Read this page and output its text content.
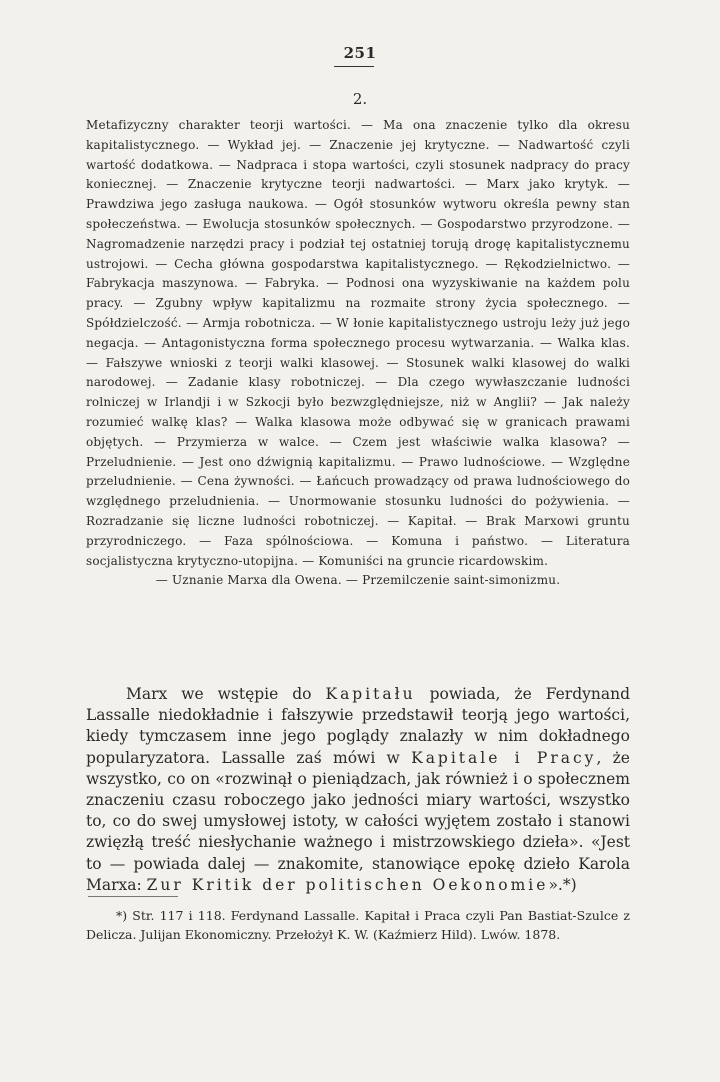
251
2.
Metafizyczny charakter teorji wartości. — Ma ona znaczenie tylko dla okresu kapitalistycznego. — Wykład jej. — Znaczenie jej krytyczne. — Nadwartość czyli wartość dodatkowa. — Nadpraca i stopa wartości, czyli stosunek nadpracy do pracy koniecznej. — Znaczenie krytyczne teorji nadwartości. — Marx jako krytyk. — Prawdziwa jego zasługa naukowa. — Ogół stosunków wytworu określa pewny stan społeczeństwa. — Ewolucja stosunków społecznych. — Gospodarstwo przyrodzone. — Nagromadzenie narzędzi pracy i podział tej ostatniej torują drogę kapitalistycznemu ustrojowi. — Cecha główna gospodarstwa kapitalistycznego. — Rękodzielnictwo. — Fabrykacja maszynowa. — Fabryka. — Podnosi ona wyzyskiwanie na każdem polu pracy. — Zgubny wpływ kapitalizmu na rozmaite strony życia społecznego. — Spółdzielczość. — Armja robotnicza. — W łonie kapitalistycznego ustroju leży już jego negacja. — Antagonistyczna forma społecznego procesu wytwarzania. — Walka klas. — Fałszywe wnioski z teorji walki klasowej. — Stosunek walki klasowej do walki narodowej. — Zadanie klasy robotniczej. — Dla czego wywłaszczanie ludności rolniczej w Irlandji i w Szkocji było bezwzględniejsze, niż w Anglii? — Jak należy rozumieć walkę klas? — Walka klasowa może odbywać się w granicach prawami objętych. — Przymierza w walce. — Czem jest właściwie walka klasowa? — Przeludnienie. — Jest ono dźwignią kapitalizmu. — Prawo ludnościowe. — Względne przeludnienie. — Cena żywności. — Łańcuch prowadzący od prawa ludnościowego do względnego przeludnienia. — Unormowanie stosunku ludności do pożywienia. — Rozradzanie się liczne ludności robotniczej. — Kapitał. — Brak Marxowi gruntu przyrodniczego. — Faza spólnościowa. — Komuna i państwo. — Literatura socjalistyczna krytyczno-utopijna. — Komuniści na gruncie ricardowskim.
— Uznanie Marxa dla Owena. — Przemilczenie saint-simonizmu.
Marx we wstępie do Kapitału powiada, że Ferdynand Lassalle niedokładnie i fałszywie przedstawił teorją jego wartości, kiedy tymczasem inne jego poglądy znalazły w nim dokładnego popularyzatora. Lassalle zaś mówi w Kapitale i Pracy, że wszystko, co on «rozwinął o pieniądzach, jak również i o społecznem znaczeniu czasu roboczego jako jedności miary wartości, wszystko to, co do swej umysłowej istoty, w całości wyjętem zostało i stanowi zwięzłą treść niesłychanie ważnego i mistrzowskiego dzieła». «Jest to — powiada dalej — znakomite, stanowiące epokę dzieło Karola Marxa: Zur Kritik der politischen Oekonomie».*)
*) Str. 117 i 118. Ferdynand Lassalle. Kapitał i Praca czyli Pan Bastiat-Szulce z Delicza. Julijan Ekonomiczny. Przełożył K. W. (Kaźmierz Hild). Lwów. 1878.
